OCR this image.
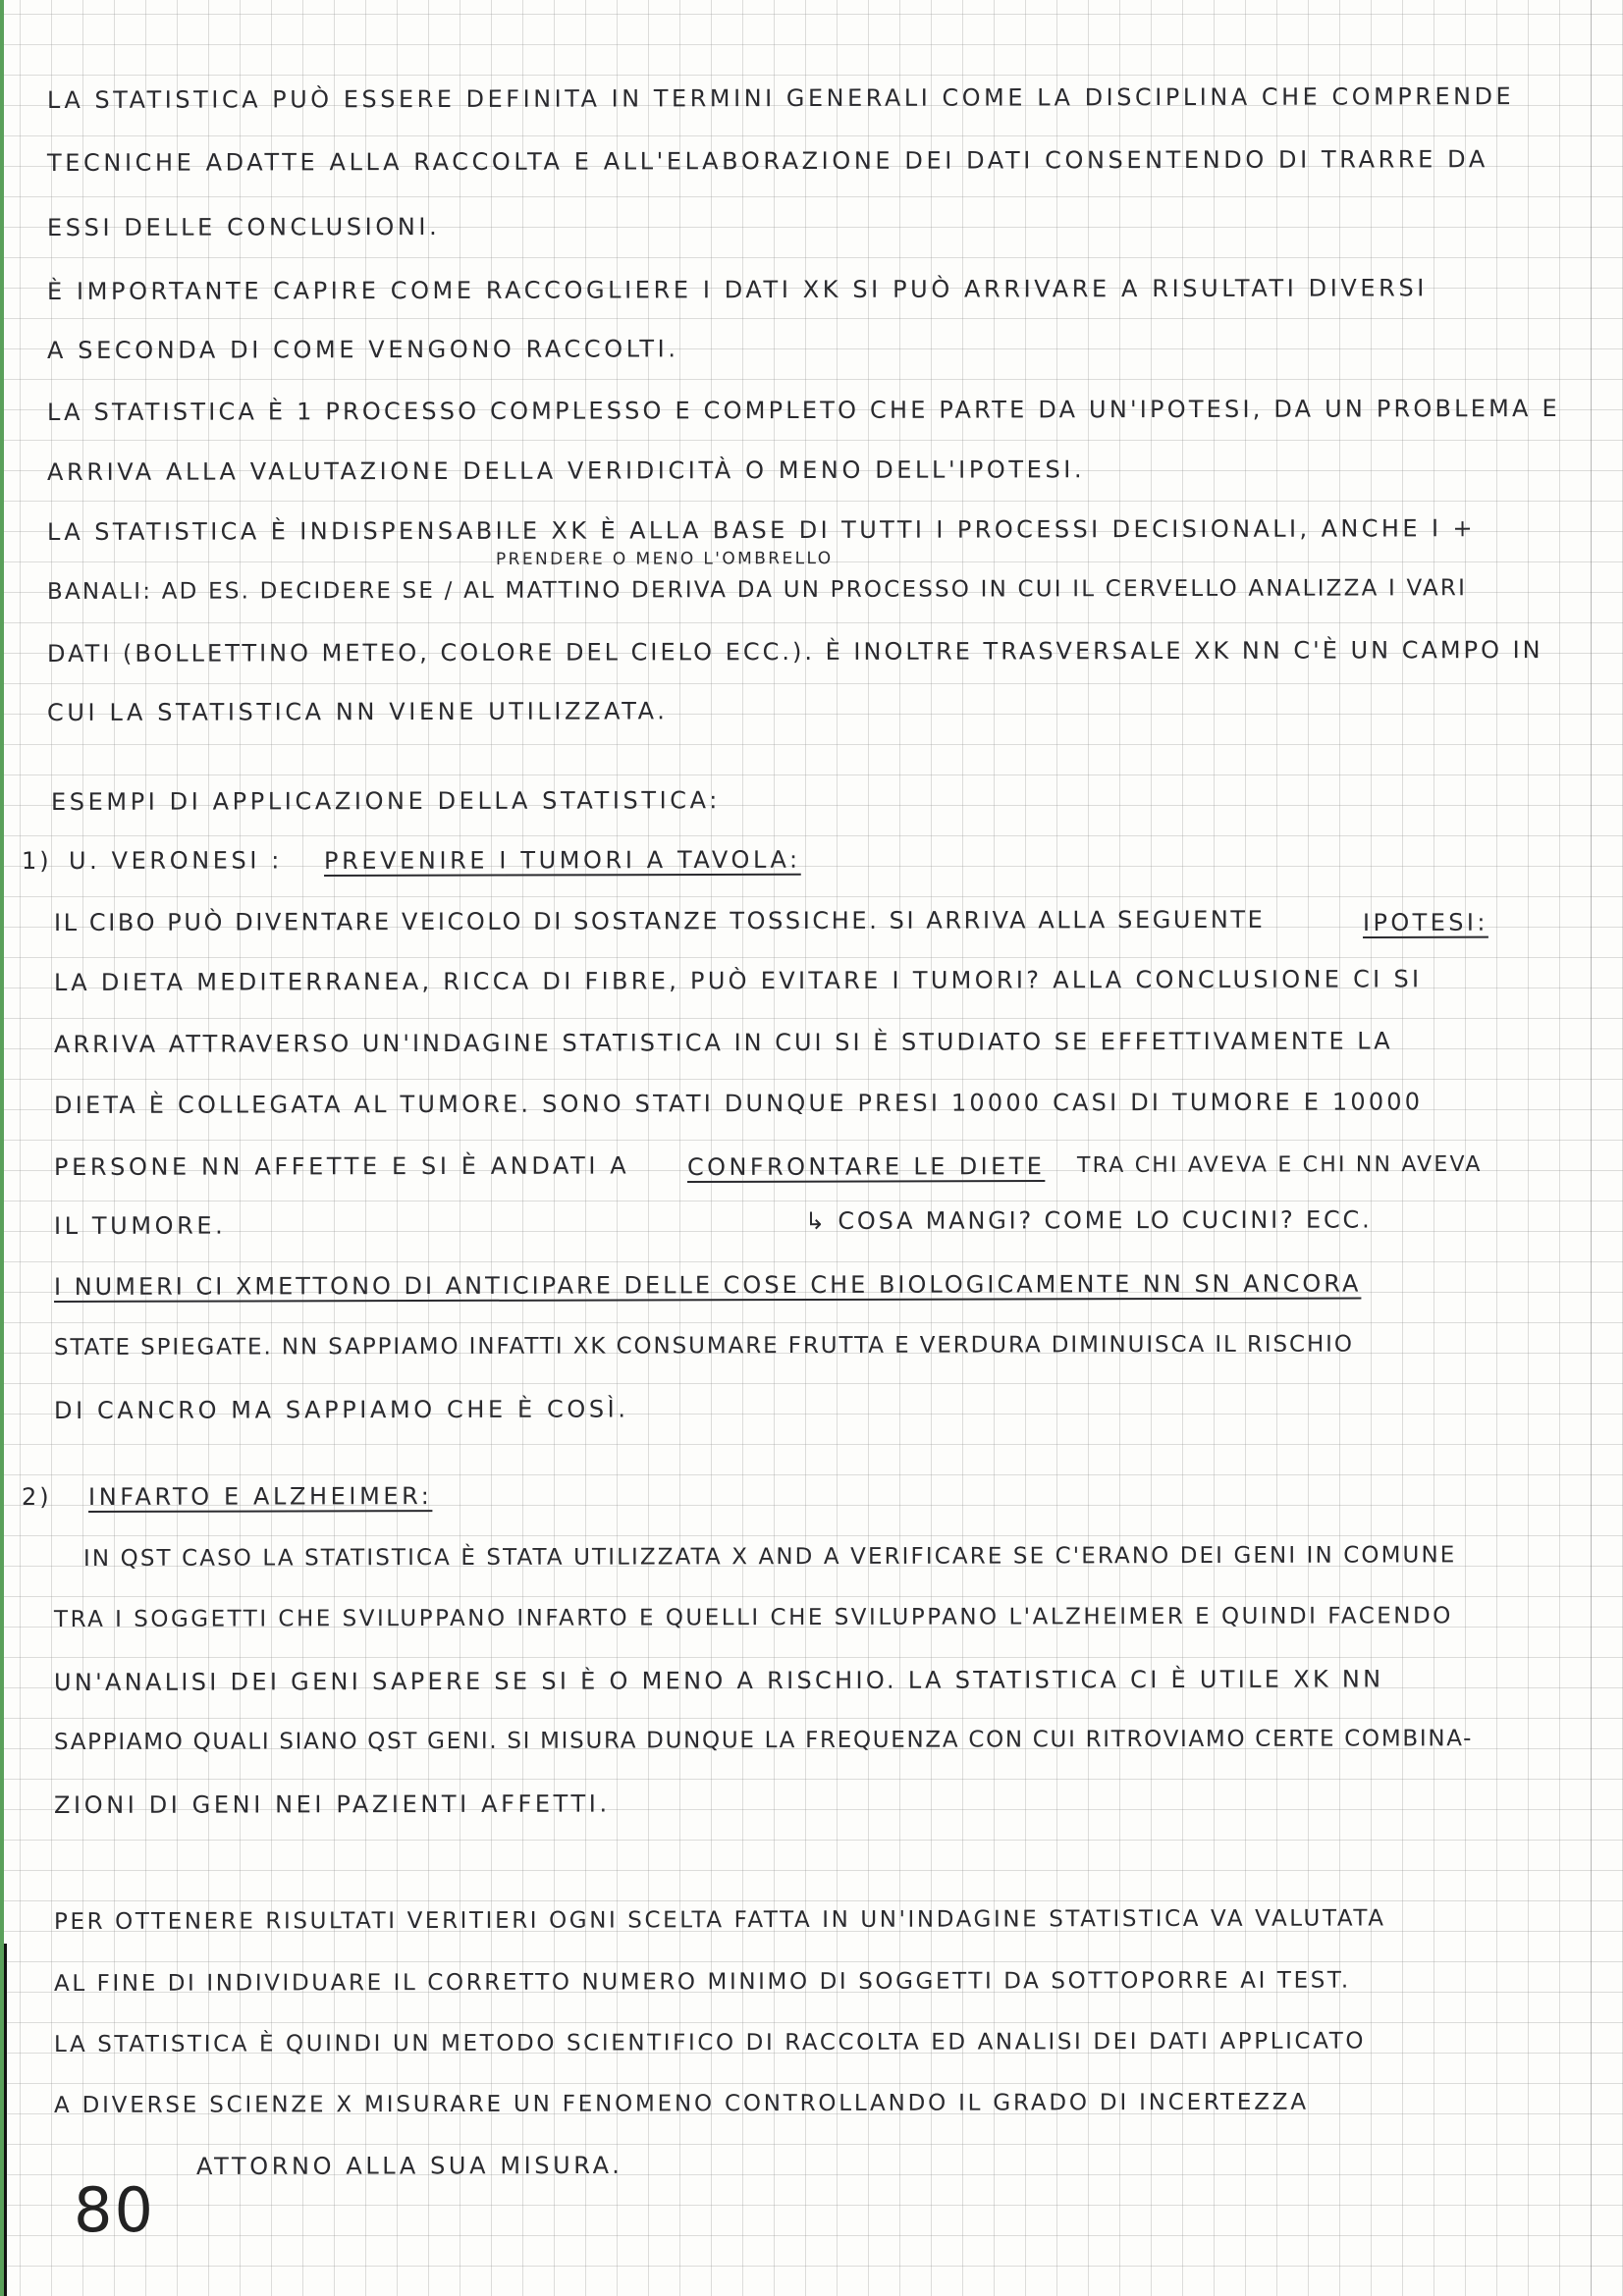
LA STATISTICA PUÒ ESSERE DEFINITA IN TERMINI GENERALI COME LA DISCIPLINA CHE COMPRENDE
TECNICHE ADATTE ALLA RACCOLTA E ALL'ELABORAZIONE DEI DATI CONSENTENDO DI TRARRE DA
ESSI DELLE CONCLUSIONI.
È IMPORTANTE CAPIRE COME RACCOGLIERE I DATI XK SI PUÒ ARRIVARE A RISULTATI DIVERSI
A SECONDA DI COME VENGONO RACCOLTI.
LA STATISTICA È 1 PROCESSO COMPLESSO E COMPLETO CHE PARTE DA UN'IPOTESI, DA UN PROBLEMA E
ARRIVA ALLA VALUTAZIONE DELLA VERIDICITÀ O MENO DELL'IPOTESI.
LA STATISTICA È INDISPENSABILE XK È ALLA BASE DI TUTTI I PROCESSI DECISIONALI, ANCHE I +
PRENDERE O MENO L'OMBRELLO
BANALI: AD ES. DECIDERE SE / AL MATTINO DERIVA DA UN PROCESSO IN CUI IL CERVELLO ANALIZZA I VARI
DATI (BOLLETTINO METEO, COLORE DEL CIELO ECC.). È INOLTRE TRASVERSALE XK NN C'È UN CAMPO IN
CUI LA STATISTICA NN VIENE UTILIZZATA.
ESEMPI DI APPLICAZIONE DELLA STATISTICA:
1) U. VERONESI : PREVENIRE I TUMORI A TAVOLA:
IL CIBO PUÒ DIVENTARE VEICOLO DI SOSTANZE TOSSICHE. SI ARRIVA ALLA SEGUENTE	IPOTESI:
LA DIETA MEDITERRANEA, RICCA DI FIBRE, PUÒ EVITARE I TUMORI? ALLA CONCLUSIONE CI SI
ARRIVA ATTRAVERSO UN'INDAGINE STATISTICA IN CUI SI È STUDIATO SE EFFETTIVAMENTE LA
DIETA È COLLEGATA AL TUMORE. SONO STATI DUNQUE PRESI 10000 CASI DI TUMORE E 10000
PERSONE NN AFFETTE E SI È ANDATI A CONFRONTARE LE DIETE TRA CHI AVEVA E CHI NN AVEVA
IL TUMORE.	↳ COSA MANGI? COME LO CUCINI? ECC.
I NUMERI CI XMETTONO DI ANTICIPARE DELLE COSE CHE BIOLOGICAMENTE NN SN ANCORA
STATE SPIEGATE. NN SAPPIAMO INFATTI XK CONSUMARE FRUTTA E VERDURA DIMINUISCA IL RISCHIO
DI CANCRO MA SAPPIAMO CHE È COSÌ.
2) INFARTO E ALZHEIMER:
IN QST CASO LA STATISTICA È STATA UTILIZZATA X AND A VERIFICARE SE C'ERANO DEI GENI IN COMUNE
TRA I SOGGETTI CHE SVILUPPANO INFARTO E QUELLI CHE SVILUPPANO L'ALZHEIMER E QUINDI FACENDO
UN'ANALISI DEI GENI SAPERE SE SI È O MENO A RISCHIO. LA STATISTICA CI È UTILE XK NN
SAPPIAMO QUALI SIANO QST GENI. SI MISURA DUNQUE LA FREQUENZA CON CUI RITROVIAMO CERTE COMBINA-
ZIONI DI GENI NEI PAZIENTI AFFETTI.
PER OTTENERE RISULTATI VERITIERI OGNI SCELTA FATTA IN UN'INDAGINE STATISTICA VA VALUTATA
AL FINE DI INDIVIDUARE IL CORRETTO NUMERO MINIMO DI SOGGETTI DA SOTTOPORRE AI TEST.
LA STATISTICA È QUINDI UN METODO SCIENTIFICO DI RACCOLTA ED ANALISI DEI DATI APPLICATO
A DIVERSE SCIENZE X MISURARE UN FENOMENO CONTROLLANDO IL GRADO DI INCERTEZZA
ATTORNO ALLA SUA MISURA.
80
